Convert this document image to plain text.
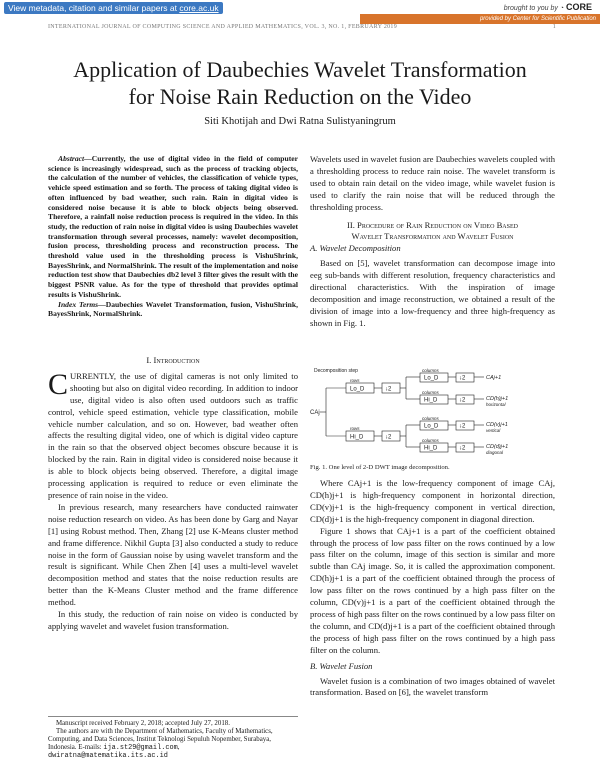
View metadata, citation and similar papers at core.ac.uk	brought to you by ◔ CORE
provided by Center for Scientific Publication
INTERNATIONAL JOURNAL OF COMPUTING SCIENCE AND APPLIED MATHEMATICS, VOL. 3, NO. 1, FEBRUARY 2019	1
Application of Daubechies Wavelet Transformation
for Noise Rain Reduction on the Video
Siti Khotijah and Dwi Ratna Sulistyaningrum

Abstract—Currently, the use of digital video in the field of computer science is increasingly widespread, such as the process of tracking objects, the calculation of the number of vehicles, the classification of vehicle types, vehicle speed estimation and so forth. The process of taking digital video is often influenced by bad weather, such rain. Rain in digital video is considered noise because it is able to block objects being observed. Therefore, a rainfall noise reduction process is required in the video. In this study, the reduction of rain noise in digital video is using Daubechies wavelet transformation through several processes, namely: wavelet decomposition, fusion process, thresholding process and reconstruction process. The threshold value used in the thresholding process is VishuShrink, BayesShrink, and NormalShrink. The result of the implementation and noise reduction test show that Daubechies db2 level 3 filter gives the result with the biggest PSNR value. As for the type of threshold that provides optimal results is VishuShrink.

Index Terms—Daubechies Wavelet Transformation, fusion, VishuShrink, BayesShrink, NormalShrink.

I. Introduction

CURRENTLY, the use of digital cameras is not only limited to shooting but also on digital video recording. In addition to indoor use, digital video is also often used outdoors such as traffic control, vehicle speed estimation, vehicle type classification, mobile vehicle number calculation, and so on. However, bad weather often affects the resulting digital video, one of which is digital video capture in the rain so that the observed object becomes obscure because it is blocked by the rain. Rain in digital video is considered noise because it is able to block objects being observed. Therefore, a digital image processing application is required to reduce or even eliminate the presence of rain noise in the video.

In previous research, many researchers have conducted rainwater noise reduction research on video. As has been done by Garg and Nayar [1] using Robust method. Then, Zhang [2] use K-Means cluster method and frame difference. Nikhil Gupta [3] also conducted a study to reduce noise in the form of Gaussian noise by using wavelet transform and the result is significant. While Chen Zhen [4] uses a multi-level wavelet decomposition method and states that the noise reduction results are better than the K-Means Cluster method and the frame difference method.

In this study, the reduction of rain noise on video is conducted by applying wavelet and wavelet fusion transformation.

Manuscript received February 2, 2018; accepted July 27, 2018.

The authors are with the Department of Mathematics, Faculty of Mathematics, Computing, and Data Sciences, Institut Teknologi Sepuluh Nopember, Surabaya, Indonesia. E-mails: ija.st29@gmail.com, dwiratna@matematika.its.ac.id

Wavelets used in wavelet fusion are Daubechies wavelets coupled with a thresholding process to reduce rain noise. The wavelet transform is used to obtain rain detail on the video image, while wavelet fusion is used to clarify the rain noise that will be reduced through the thresholding process.

II. Procedure of Rain Reduction on Video Based

Wavelet Transformation and Wavelet Fusion

A. Wavelet Decomposition

Based on [5], wavelet transformation can decompose image into eeg sub-bands with different resolution, frequency characteristics and directional characteristics. With the inspiration of image decomposition and image reconstruction, we obtained a result of the division of image into a low-frequency and three high-frequency as shown in Fig. 1.

Decomposition step
CAj
rows
rows
Lo_D
Hi_D
↓2
↓2
columns
Lo_D
columns
Hi_D
columns
Lo_D
columns
Hi_D
↓2
↓2
↓2
↓2
CAj+1
CD(h)j+1
horizontal
CD(v)j+1
vertical
CD(d)j+1
diagonal
Fig. 1. One level of 2-D DWT image decomposition.

Where CAj+1 is the low-frequency component of image CAj, CD(h)j+1 is high-frequency component in horizontal direction, CD(v)j+1 is the high-frequency component in vertical direction, CD(d)j+1 is the high-frequency component in diagonal direction.

Figure 1 shows that CAj+1 is a part of the coefficient obtained through the process of low pass filter on the rows continued by a low pass filter on the column, image of this section is similar and more subtle than CAj image. So, it is called the approximation component. CD(h)j+1 is a part of the coefficient obtained through the process of low pass filter on the rows continued by a high pass filter on the column, CD(v)j+1 is a part of the coefficient obtained through the process of high pass filter on the rows continued by a low pass filter on the column, and CD(d)j+1 is a part of the coefficient obtained through the process of high pass filter on the rows continued by a high pass filter on the column.

B. Wavelet Fusion

Wavelet fusion is a combination of two images obtained of wavelet transformation. Based on [6], the wavelet transform
